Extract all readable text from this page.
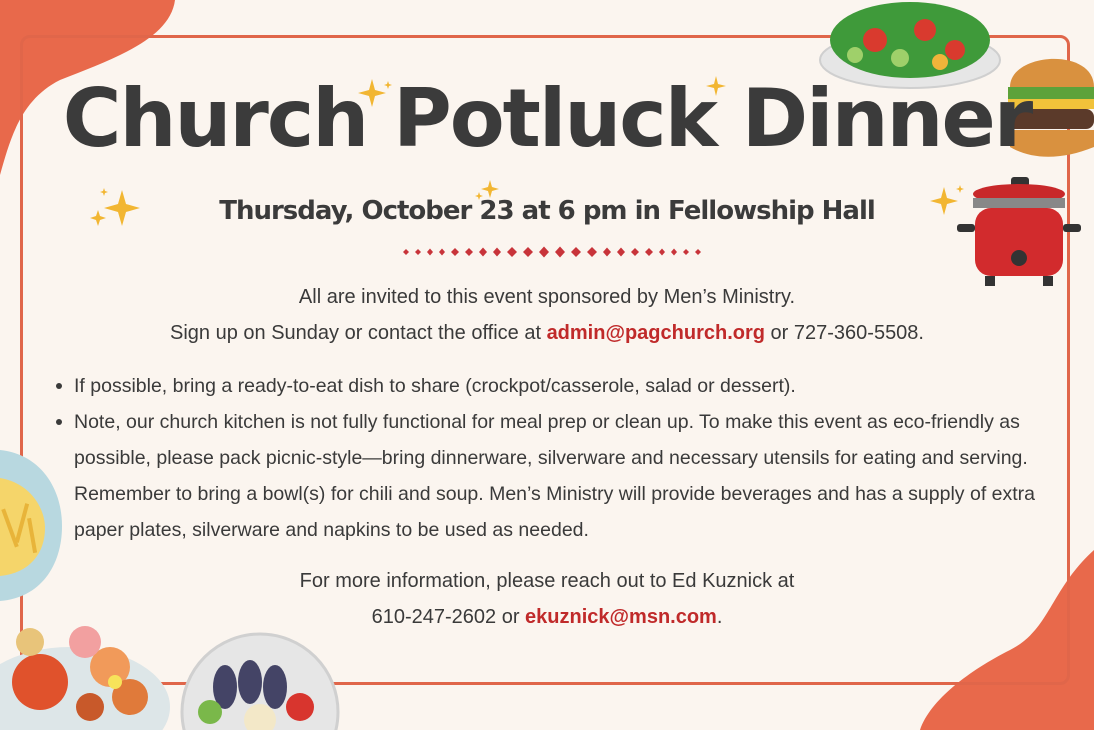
Church Potluck Dinner
Thursday, October 23 at 6 pm in Fellowship Hall
All are invited to this event sponsored by Men’s Ministry.
Sign up on Sunday or contact the office at admin@pagchurch.org or 727-360-5508.
If possible, bring a ready-to-eat dish to share (crockpot/casserole, salad or dessert).
Note, our church kitchen is not fully functional for meal prep or clean up. To make this event as eco-friendly as possible, please pack picnic-style—bring dinnerware, silverware and necessary utensils for eating and serving. Remember to bring a bowl(s) for chili and soup. Men’s Ministry will provide beverages and has a supply of extra paper plates, silverware and napkins to be used as needed.
For more information, please reach out to Ed Kuznick at
610-247-2602 or ekuznick@msn.com.
